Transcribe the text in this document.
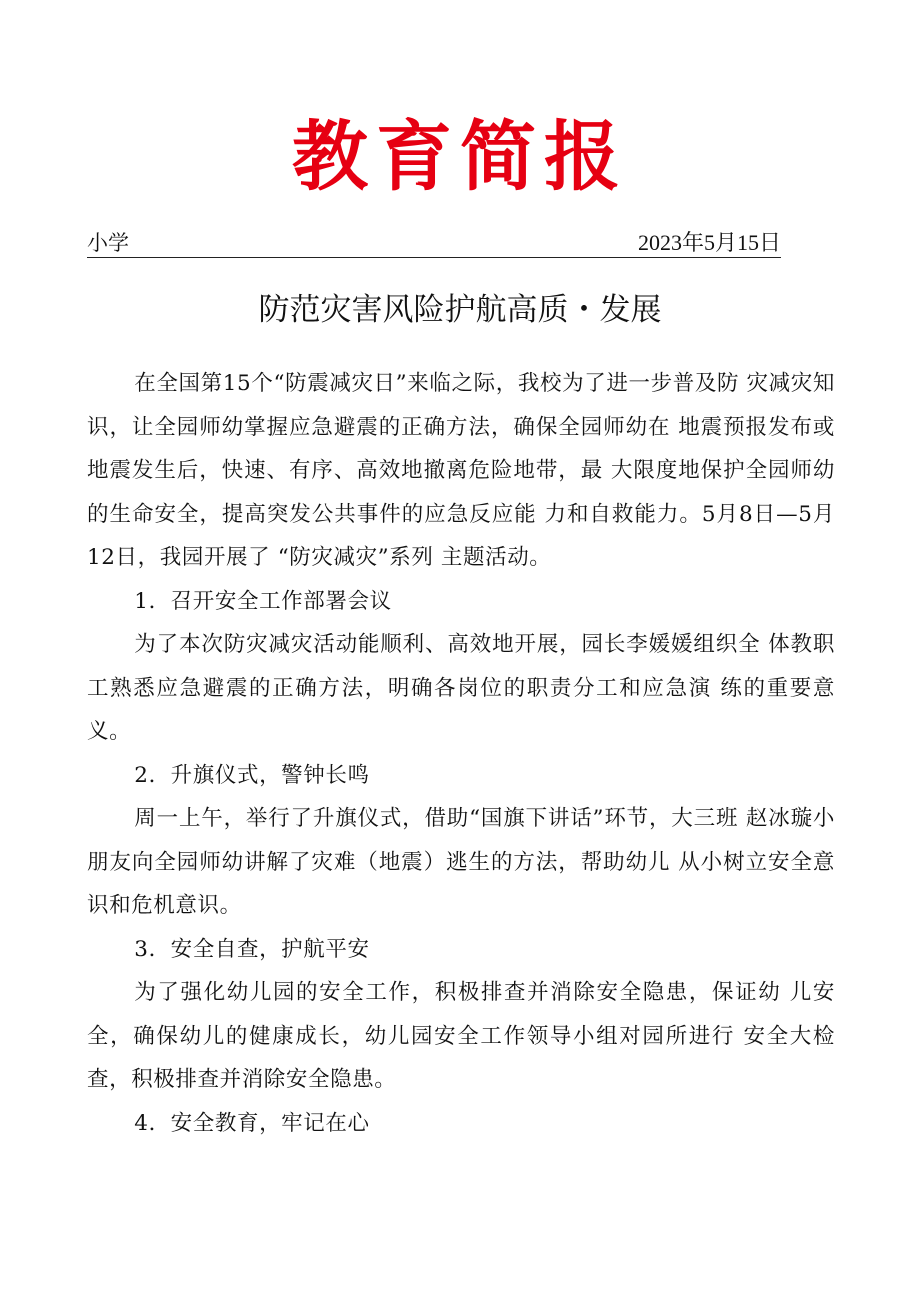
教育简报
小学	2023年5月15日
防范灾害风险护航高质・发展

在全国第15个“防震减灾日”来临之际，我校为了进一步普及防 灾减灾知识，让全园师幼掌握应急避震的正确方法，确保全园师幼在 地震预报发布或地震发生后，快速、有序、高效地撤离危险地带，最 大限度地保护全园师幼的生命安全，提高突发公共事件的应急反应能 力和自救能力。5月8日—5月12日，我园开展了 “防灾减灾”系列 主题活动。

1．召开安全工作部署会议

为了本次防灾减灾活动能顺利、高效地开展，园长李媛媛组织全 体教职工熟悉应急避震的正确方法，明确各岗位的职责分工和应急演 练的重要意义。

2．升旗仪式，警钟长鸣

周一上午，举行了升旗仪式，借助“国旗下讲话”环节，大三班 赵冰璇小朋友向全园师幼讲解了灾难（地震）逃生的方法，帮助幼儿 从小树立安全意识和危机意识。

3．安全自查，护航平安

为了强化幼儿园的安全工作，积极排查并消除安全隐患，保证幼 儿安全，确保幼儿的健康成长，幼儿园安全工作领导小组对园所进行 安全大检查，积极排查并消除安全隐患。

4．安全教育，牢记在心
